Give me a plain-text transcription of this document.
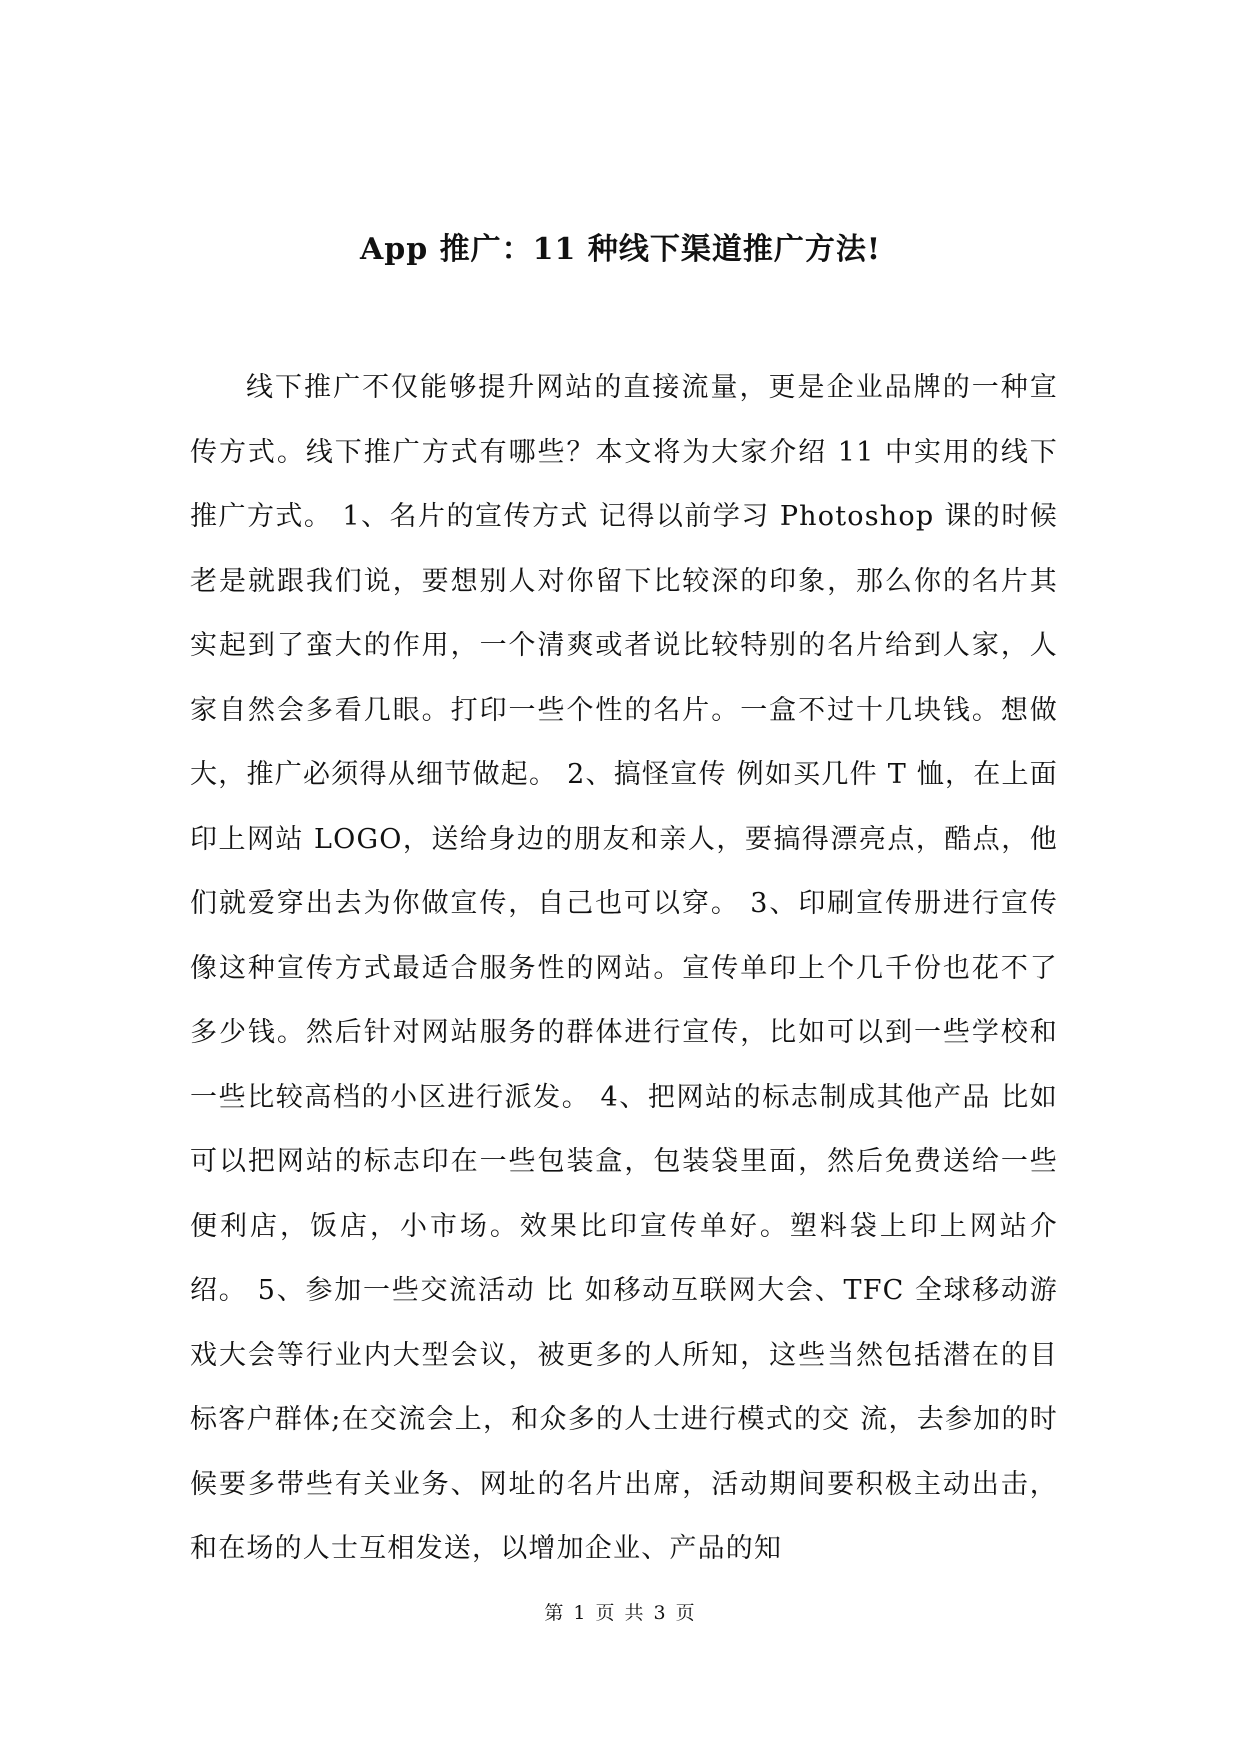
App 推广：11 种线下渠道推广方法!

线下推广不仅能够提升网站的直接流量，更是企业品牌的一种宣传方式。线下推广方式有哪些？本文将为大家介绍 11 中实用的线下推广方式。 1、名片的宣传方式 记得以前学习 Photoshop 课的时候老是就跟我们说，要想别人对你留下比较深的印象，那么你的名片其实起到了蛮大的作用，一个清爽或者说比较特别的名片给到人家，人家自然会多看几眼。打印一些个性的名片。一盒不过十几块钱。想做大，推广必须得从细节做起。 2、搞怪宣传 例如买几件 T 恤，在上面印上网站 LOGO，送给身边的朋友和亲人，要搞得漂亮点，酷点，他们就爱穿出去为你做宣传，自己也可以穿。 3、印刷宣传册进行宣传 像这种宣传方式最适合服务性的网站。宣传单印上个几千份也花不了多少钱。然后针对网站服务的群体进行宣传，比如可以到一些学校和一些比较高档的小区进行派发。 4、把网站的标志制成其他产品 比如可以把网站的标志印在一些包装盒，包装袋里面，然后免费送给一些便利店，饭店，小市场。效果比印宣传单好。塑料袋上印上网站介绍。 5、参加一些交流活动 比 如移动互联网大会、TFC 全球移动游戏大会等行业内大型会议，被更多的人所知，这些当然包括潜在的目标客户群体;在交流会上，和众多的人士进行模式的交 流，去参加的时候要多带些有关业务、网址的名片出席，活动期间要积极主动出击，和在场的人士互相发送，以增加企业、产品的知

第 1 页 共 3 页
